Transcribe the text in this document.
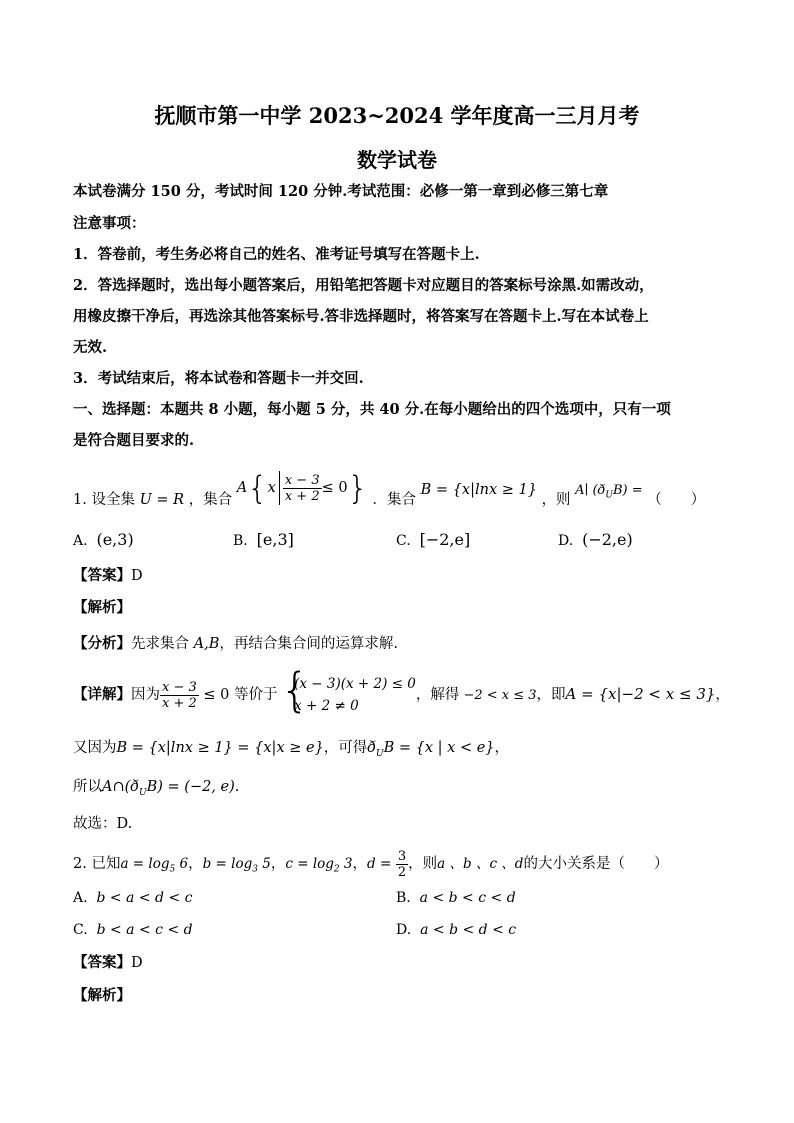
抚顺市第一中学 2023~2024 学年度高一三月月考
数学试卷
本试卷满分 150 分，考试时间 120 分钟.考试范围：必修一第一章到必修三第七章
注意事项：
1．答卷前，考生务必将自己的姓名、准考证号填写在答题卡上.
2．答选择题时，选出每小题答案后，用铅笔把答题卡对应题目的答案标号涂黑.如需改动，
用橡皮擦干净后，再选涂其他答案标号.答非选择题时，将答案写在答题卡上.写在本试卷上
无效.
3．考试结束后，将本试卷和答题卡一并交回.
一、选择题：本题共 8 小题，每小题 5 分，共 40 分.在每小题给出的四个选项中，只有一项
是符合题目要求的.
1. 设全集 U = R ，集合 $A\{x \frac{x - 3}{x + 2} \le 0\}$ ．集合 B = {x|lnx ≥ 1} ，则 A∣ $(ð_UB)$ = （　　）
A. (e,3)	B. [e,3]	C. [−2,e]	D. (−2,e)
【答案】D
【解析】
【分析】先求集合 A,B，再结合集合间的运算求解.
【详解】因为 $\frac{x - 3}{x + 2} \le 0$ 等价于 {
(x − 3)(x + 2) ≤ 0
x + 2 ≠ 0
，解得 −2 < x ≤ 3，即A = {x|−2 < x ≤ 3}，
又因为B = {x|lnx ≥ 1} = {x|x ≥ e}，可得$ð_UB = \{x$ | x < e}，
所以$A\cap(ð_UB) = (-2$, e).
故选：D.
2. 已知$a = \log_5 6$，$b = \log_3 5$，$c = \log_2 3$，$d = \frac{3}{2}$ ，则a 、b 、c 、d的大小关系是（　　）
A. b < a < d < c	B. a < b < c < d
C. b < a < c < d	D. a < b < d < c
【答案】D
【解析】
